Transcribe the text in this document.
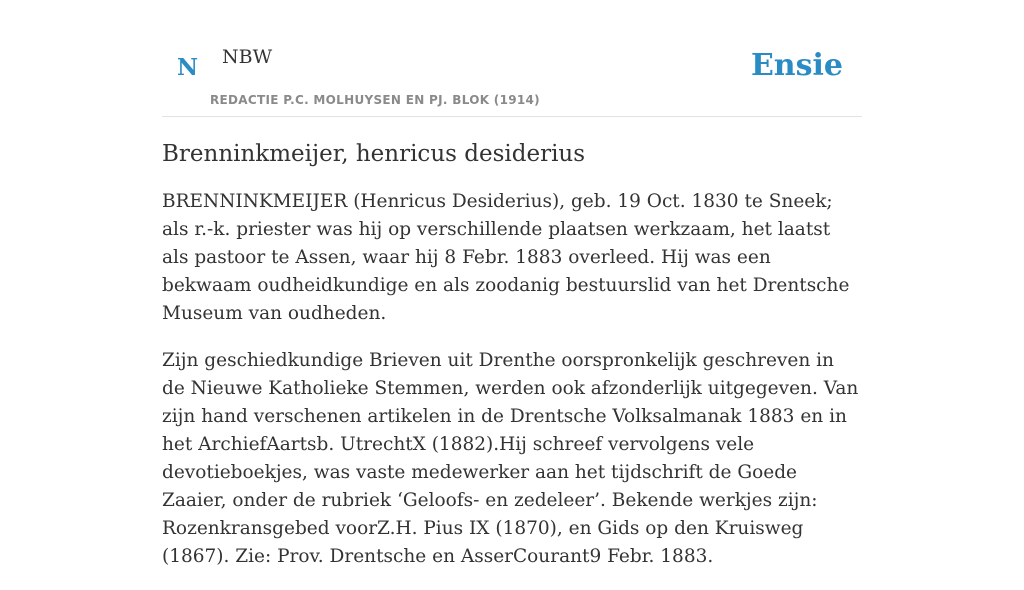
N NBW
REDACTIE P.C. MOLHUYSEN EN PJ. BLOK (1914)
Ensie
Brenninkmeijer, henricus desiderius

BRENNINKMEIJER (Henricus Desiderius), geb. 19 Oct. 1830 te Sneek; als r.-k. priester was hij op verschillende plaatsen werkzaam, het laatst als pastoor te Assen, waar hij 8 Febr. 1883 overleed. Hij was een bekwaam oudheidkundige en als zoodanig bestuurslid van het Drentsche Museum van oudheden.

Zijn geschiedkundige Brieven uit Drenthe oorspronkelijk geschreven in de Nieuwe Katholieke Stemmen, werden ook afzonderlijk uitgegeven. Van zijn hand verschenen artikelen in de Drentsche Volksalmanak 1883 en in het ArchiefAartsb. UtrechtX (1882).Hij schreef vervolgens vele devotieboekjes, was vaste medewerker aan het tijdschrift de Goede Zaaier, onder de rubriek ‘Geloofs- en zedeleer’. Bekende werkjes zijn: Rozenkransgebed voorZ.H. Pius IX (1870), en Gids op den Kruisweg (1867). Zie: Prov. Drentsche en AsserCourant9 Febr. 1883.
